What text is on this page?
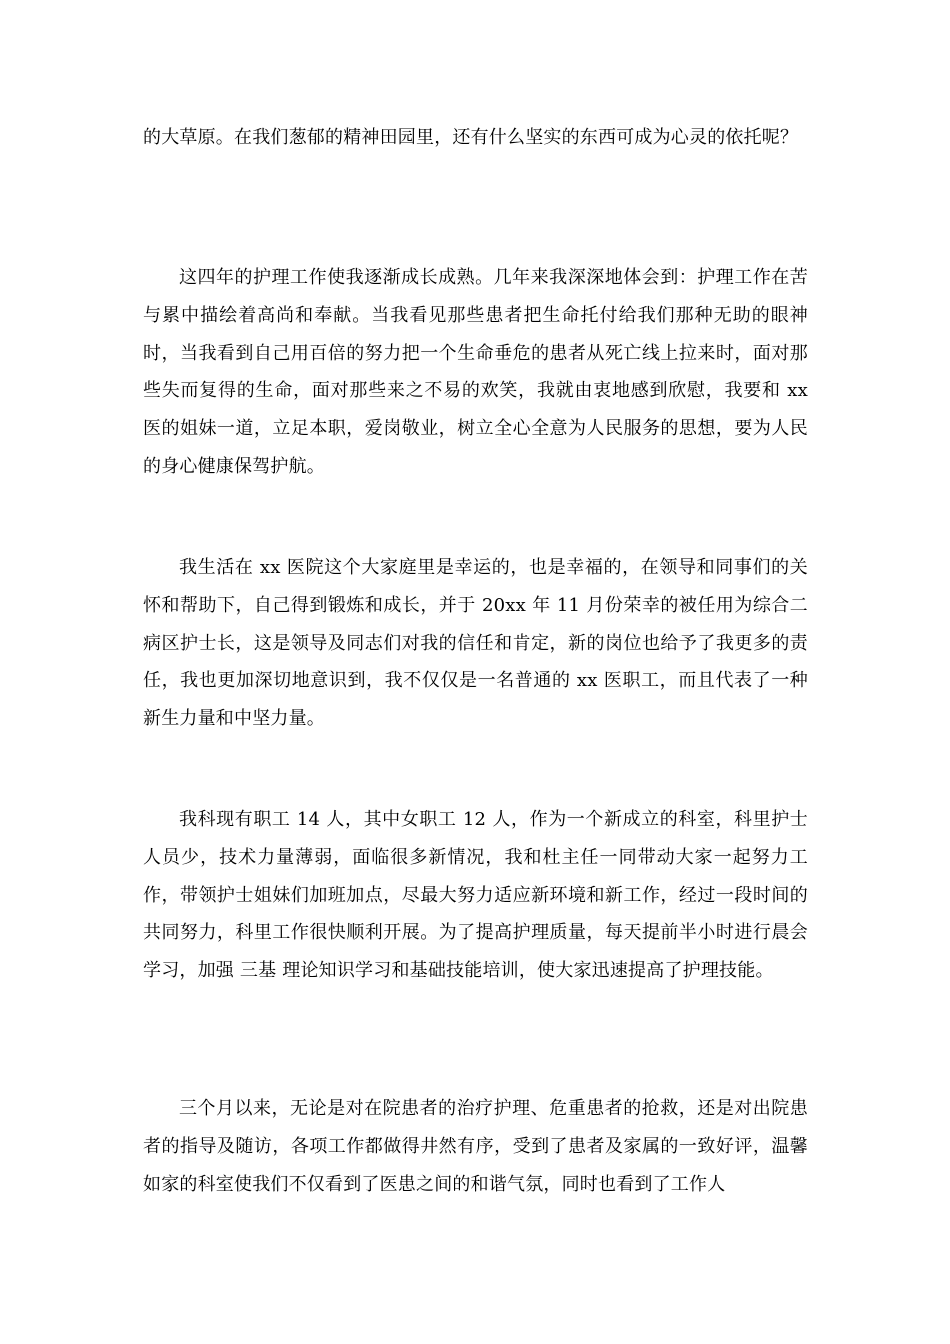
的大草原。在我们葱郁的精神田园里，还有什么坚实的东西可成为心灵的依托呢？

这四年的护理工作使我逐渐成长成熟。几年来我深深地体会到：护理工作在苦与累中描绘着高尚和奉献。当我看见那些患者把生命托付给我们那种无助的眼神时，当我看到自己用百倍的努力把一个生命垂危的患者从死亡线上拉来时，面对那些失而复得的生命，面对那些来之不易的欢笑，我就由衷地感到欣慰，我要和 xx 医的姐妹一道，立足本职，爱岗敬业，树立全心全意为人民服务的思想，要为人民的身心健康保驾护航。

我生活在 xx 医院这个大家庭里是幸运的，也是幸福的，在领导和同事们的关怀和帮助下，自己得到锻炼和成长，并于 20xx 年 11 月份荣幸的被任用为综合二病区护士长，这是领导及同志们对我的信任和肯定，新的岗位也给予了我更多的责任，我也更加深切地意识到，我不仅仅是一名普通的 xx 医职工，而且代表了一种新生力量和中坚力量。

我科现有职工 14 人，其中女职工 12 人，作为一个新成立的科室，科里护士人员少，技术力量薄弱，面临很多新情况，我和杜主任一同带动大家一起努力工作，带领护士姐妹们加班加点，尽最大努力适应新环境和新工作，经过一段时间的共同努力，科里工作很快顺利开展。为了提高护理质量，每天提前半小时进行晨会学习，加强 三基 理论知识学习和基础技能培训，使大家迅速提高了护理技能。

三个月以来，无论是对在院患者的治疗护理、危重患者的抢救，还是对出院患者的指导及随访，各项工作都做得井然有序，受到了患者及家属的一致好评，温馨如家的科室使我们不仅看到了医患之间的和谐气氛，同时也看到了工作人
